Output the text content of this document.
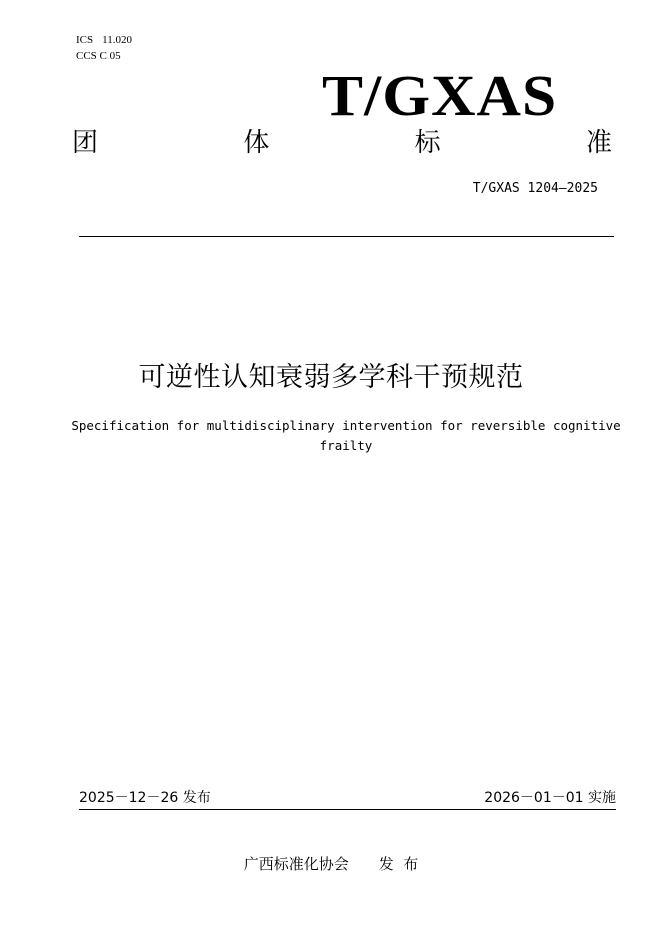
ICS 11.020
CCS C 05
T/GXAS
团	体	标	准
T/GXAS 1204—2025
可逆性认知衰弱多学科干预规范
Specification for multidisciplinary intervention for reversible cognitive frailty
2025－12－26 发布	2026－01－01 实施
广西标准化协会 发  布
